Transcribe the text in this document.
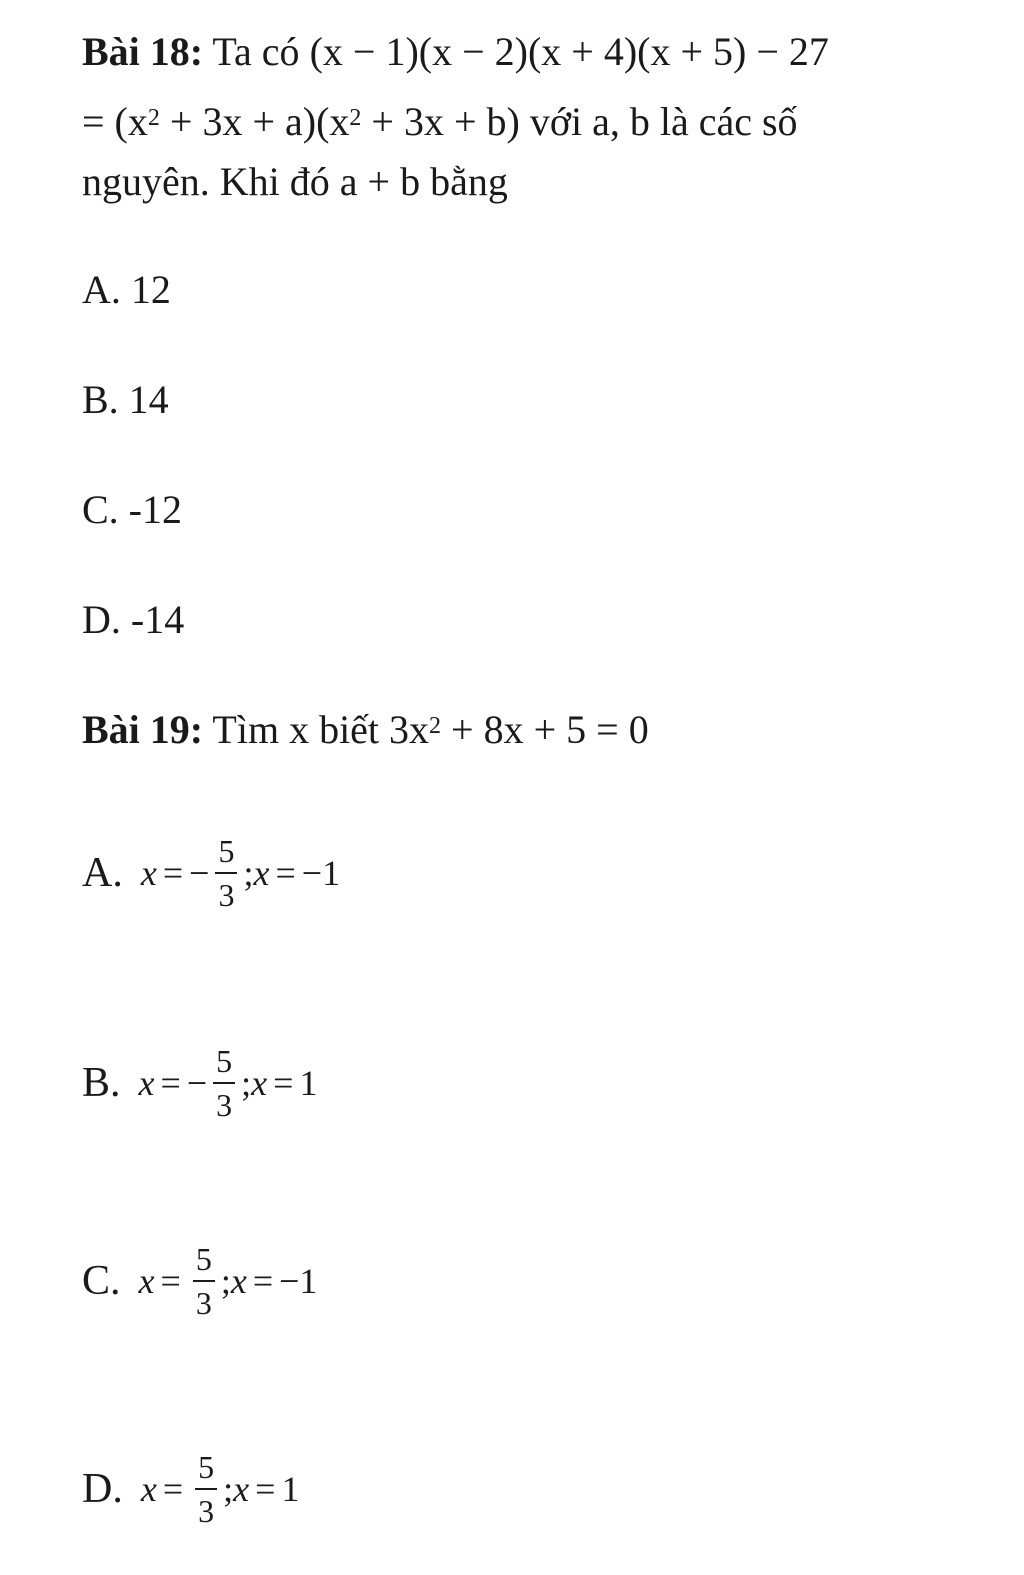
Bài 18: Ta có (x − 1)(x − 2)(x + 4)(x + 5) − 27
= $(x^2 + 3x + a)(x^2 + 3x + b)$ với a, b là các số
nguyên. Khi đó a + b bằng
A. 12
B. 14
C. -12
D. -14
Bài 19: Tìm x biết $3x^2 + 8x + 5 = 0$
A. x = − $\frac{5}{3}$ ; x = −1
B. x = − $\frac{5}{3}$ ; x = 1
C. $x = \frac{5}{3}$ ; x = −1
D. $x = \frac{5}{3}$ ; x = 1
